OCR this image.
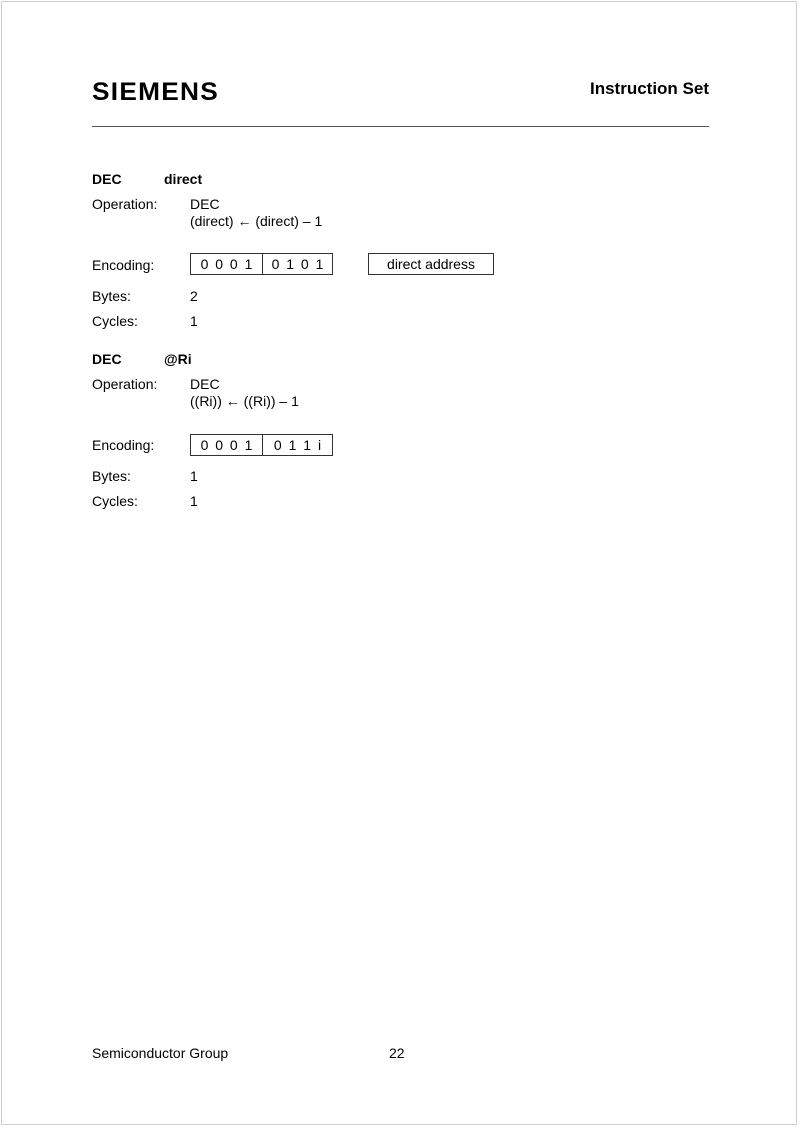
SIEMENS	Instruction Set
DEC	direct
Operation: DEC
(direct) ← (direct) – 1
Encoding:	0 0 0 1	0 1 0 1	direct address
Bytes:	2
Cycles:	1
DEC	@Ri
Operation: DEC
((Ri)) ← ((Ri)) – 1
Encoding:	0 0 0 1	0 1 1 i
Bytes:	1
Cycles:	1
Semiconductor Group	22
